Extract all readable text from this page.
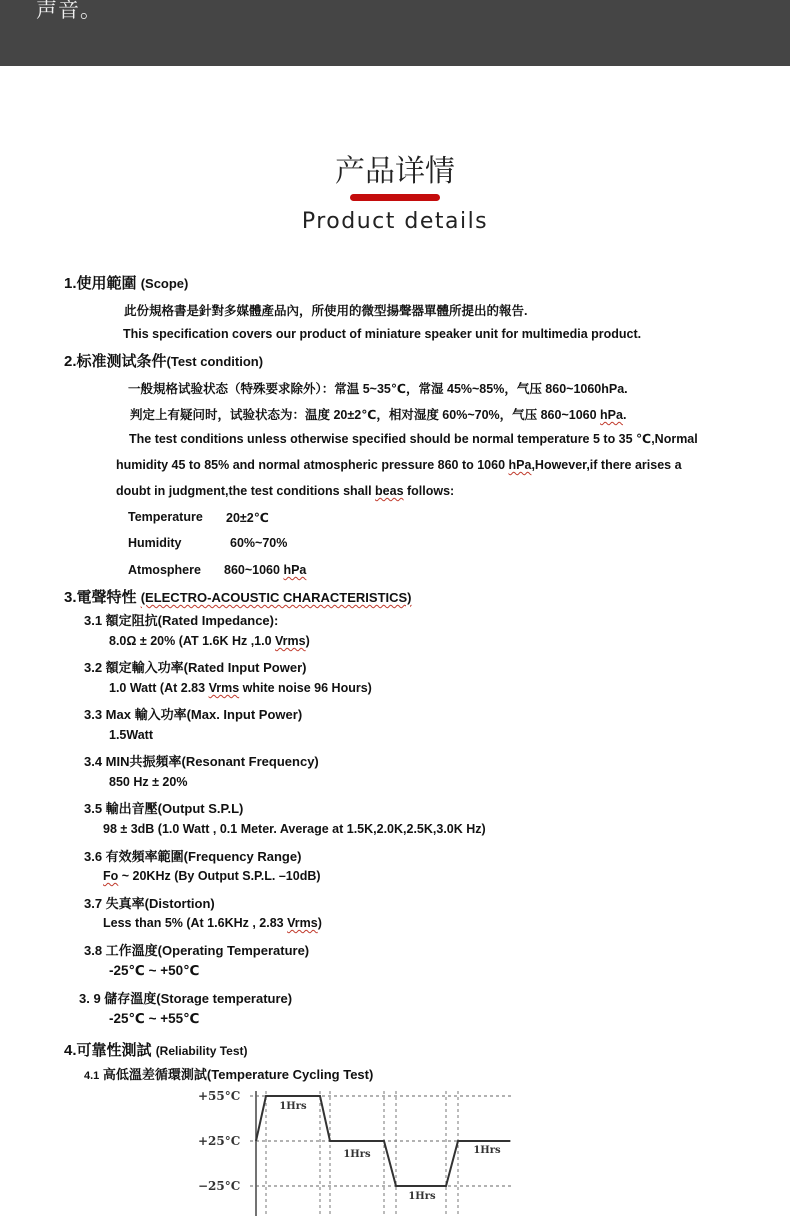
声音。
产品详情
Product details
1.使用範圍 (Scope)
此份規格書是針對多媒體產品內，所使用的微型揚聲器單體所提出的報告.
This specification covers our product of miniature speaker unit for multimedia product.
2.标准测试条件(Test condition)
一般規格试验状态（特殊要求除外）：常温 5~35℃，常湿 45%~85%，气压 860~1060hPa.
判定上有疑问时，试验状态为：温度 20±2℃，相对湿度 60%~70%，气压 860~1060 hPa.
The test conditions unless otherwise specified should be normal temperature 5 to 35 ℃,Normal
humidity 45 to 85% and normal atmospheric pressure 860 to 1060 hPa,However,if there arises a
doubt in judgment,the test conditions shall beas follows:
Temperature 20±2℃
Humidity	60%~70%
Atmosphere 860~1060 hPa
3.電聲特性 (ELECTRO-ACOUSTIC CHARACTERISTICS)
3.1 額定阻抗(Rated Impedance):
8.0Ω ± 20% (AT 1.6K Hz ,1.0 Vrms)
3.2 額定輸入功率(Rated Input Power)
1.0 Watt (At 2.83 Vrms white noise 96 Hours)
3.3 Max 輸入功率(Max. Input Power)
1.5Watt
3.4 MIN共振頻率(Resonant Frequency)
850 Hz ± 20%
3.5 輸出音壓(Output S.P.L)
98 ± 3dB (1.0 Watt , 0.1 Meter. Average at 1.5K,2.0K,2.5K,3.0K Hz)
3.6 有效頻率範圍(Frequency Range)
Fo ~ 20KHz (By Output S.P.L. –10dB)
3.7 失真率(Distortion)
Less than 5% (At 1.6KHz , 2.83 Vrms)
3.8 工作溫度(Operating Temperature)
-25℃ ~ +50℃
3. 9 儲存溫度(Storage temperature)
-25℃ ~ +55℃
4.可靠性測試 (Reliability Test)
4.1 高低溫差循環測試(Temperature Cycling Test)
+55°C
+25°C
−25°C
1Hrs
1Hrs
1Hrs
1Hrs
